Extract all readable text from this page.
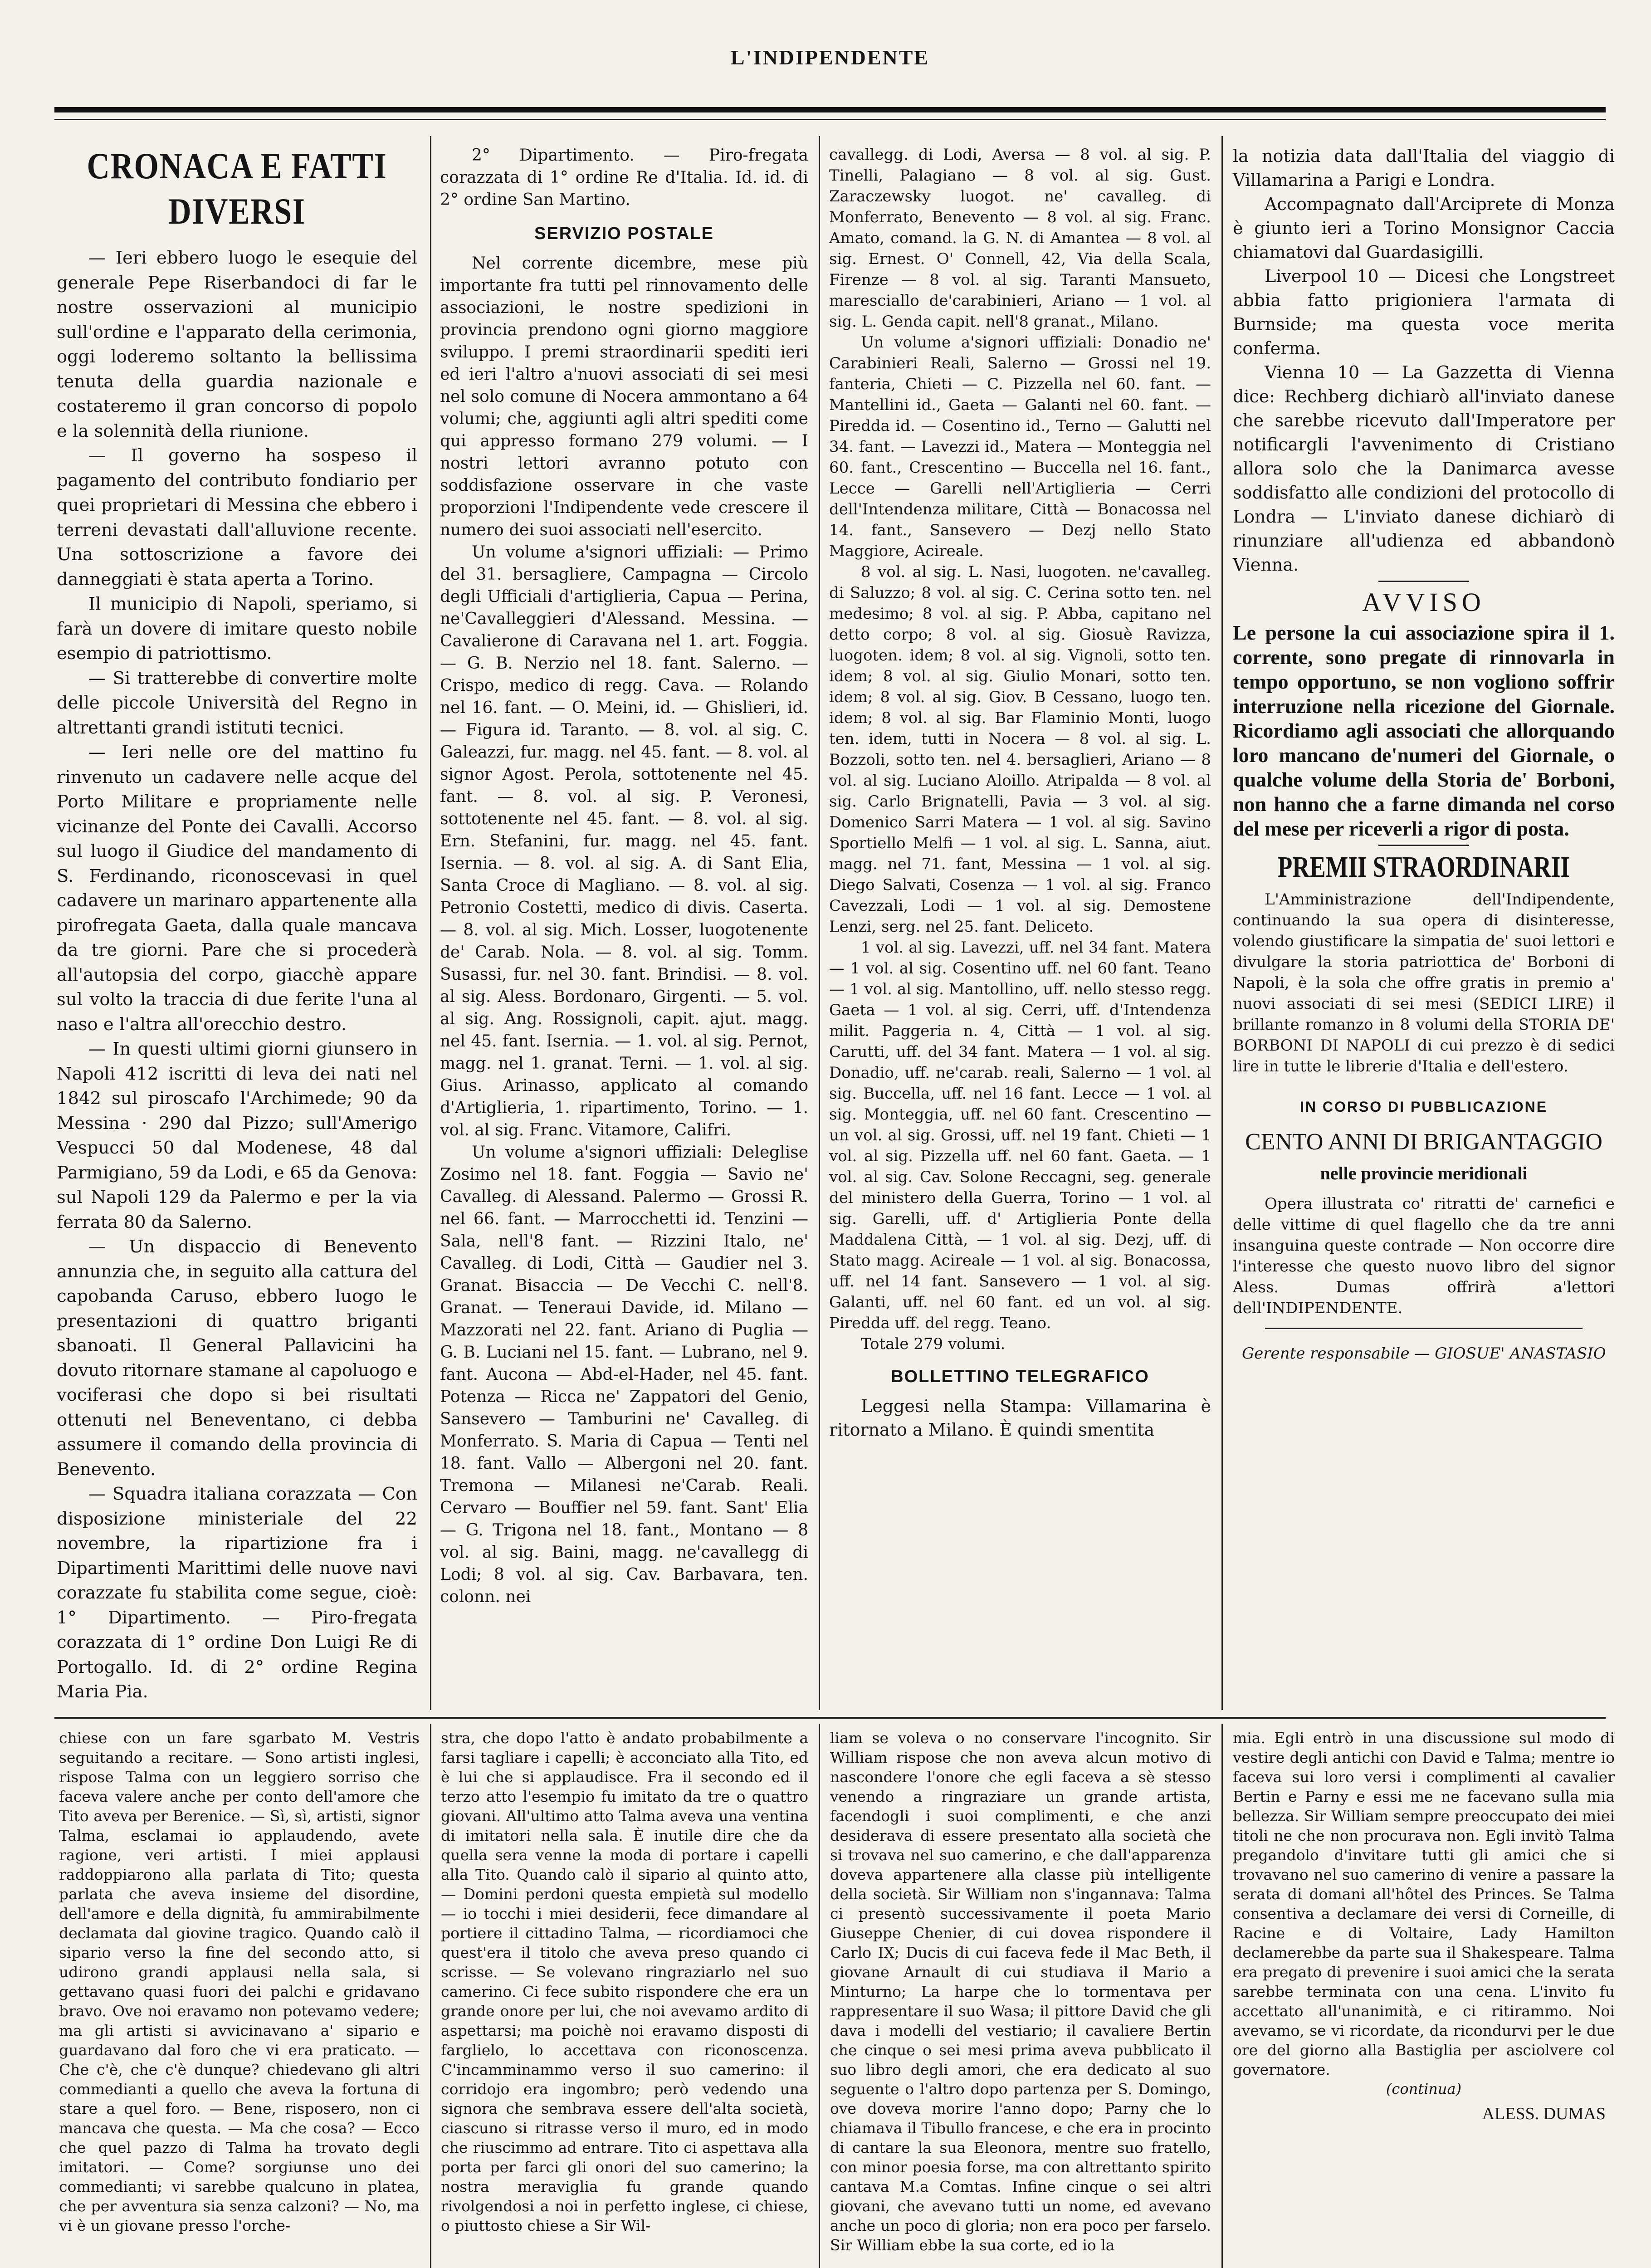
L'INDIPENDENTE
CRONACA E FATTI DIVERSI

— Ieri ebbero luogo le esequie del generale Pepe Riserbandoci di far le nostre osservazioni al municipio sull'ordine e l'apparato della cerimonia, oggi loderemo soltanto la bellissima tenuta della guardia nazionale e costateremo il gran concorso di popolo e la solennità della riunione.

— Il governo ha sospeso il pagamento del contributo fondiario per quei proprietari di Messina che ebbero i terreni devastati dall'alluvione recente. Una sottoscrizione a favore dei danneggiati è stata aperta a Torino.

Il municipio di Napoli, speriamo, si farà un dovere di imitare questo nobile esempio di patriottismo.

— Si tratterebbe di convertire molte delle piccole Università del Regno in altrettanti grandi istituti tecnici.

— Ieri nelle ore del mattino fu rinvenuto un cadavere nelle acque del Porto Militare e propriamente nelle vicinanze del Ponte dei Cavalli. Accorso sul luogo il Giudice del mandamento di S. Ferdinando, riconoscevasi in quel cadavere un marinaro appartenente alla pirofregata Gaeta, dalla quale mancava da tre giorni. Pare che si procederà all'autopsia del corpo, giacchè appare sul volto la traccia di due ferite l'una al naso e l'altra all'orecchio destro.

— In questi ultimi giorni giunsero in Napoli 412 iscritti di leva dei nati nel 1842 sul piroscafo l'Archimede; 90 da Messina · 290 dal Pizzo; sull'Amerigo Vespucci 50 dal Modenese, 48 dal Parmigiano, 59 da Lodi, e 65 da Genova: sul Napoli 129 da Palermo e per la via ferrata 80 da Salerno.

— Un dispaccio di Benevento annunzia che, in seguito alla cattura del capobanda Caruso, ebbero luogo le presentazioni di quattro briganti sbanoati. Il General Pallavicini ha dovuto ritornare stamane al capoluogo e vociferasi che dopo si bei risultati ottenuti nel Beneventano, ci debba assumere il comando della provincia di Benevento.

— Squadra italiana corazzata — Con disposizione ministeriale del 22 novembre, la ripartizione fra i Dipartimenti Marittimi delle nuove navi corazzate fu stabilita come segue, cioè: 1° Dipartimento. — Piro-fregata corazzata di 1° ordine Don Luigi Re di Portogallo. Id. di 2° ordine Regina Maria Pia.

2° Dipartimento. — Piro-fregata corazzata di 1° ordine Re d'Italia. Id. id. di 2° ordine San Martino.

SERVIZIO POSTALE

Nel corrente dicembre, mese più importante fra tutti pel rinnovamento delle associazioni, le nostre spedizioni in provincia prendono ogni giorno maggiore sviluppo. I premi straordinarii spediti ieri ed ieri l'altro a'nuovi associati di sei mesi nel solo comune di Nocera ammontano a 64 volumi; che, aggiunti agli altri spediti come qui appresso formano 279 volumi. — I nostri lettori avranno potuto con soddisfazione osservare in che vaste proporzioni l'Indipendente vede crescere il numero dei suoi associati nell'esercito.

Un volume a'signori uffiziali: — Primo del 31. bersagliere, Campagna — Circolo degli Ufficiali d'artiglieria, Capua — Perina, ne'Cavalleggieri d'Alessand. Messina. — Cavalierone di Caravana nel 1. art. Foggia. — G. B. Nerzio nel 18. fant. Salerno. — Crispo, medico di regg. Cava. — Rolando nel 16. fant. — O. Meini, id. — Ghislieri, id. — Figura id. Taranto. — 8. vol. al sig. C. Galeazzi, fur. magg. nel 45. fant. — 8. vol. al signor Agost. Perola, sottotenente nel 45. fant. — 8. vol. al sig. P. Veronesi, sottotenente nel 45. fant. — 8. vol. al sig. Ern. Stefanini, fur. magg. nel 45. fant. Isernia. — 8. vol. al sig. A. di Sant Elia, Santa Croce di Magliano. — 8. vol. al sig. Petronio Costetti, medico di divis. Caserta. — 8. vol. al sig. Mich. Losser, luogotenente de' Carab. Nola. — 8. vol. al sig. Tomm. Susassi, fur. nel 30. fant. Brindisi. — 8. vol. al sig. Aless. Bordonaro, Girgenti. — 5. vol. al sig. Ang. Rossignoli, capit. ajut. magg. nel 45. fant. Isernia. — 1. vol. al sig. Pernot, magg. nel 1. granat. Terni. — 1. vol. al sig. Gius. Arinasso, applicato al comando d'Artiglieria, 1. ripartimento, Torino. — 1. vol. al sig. Franc. Vitamore, Califri.

Un volume a'signori uffiziali: Deleglise Zosimo nel 18. fant. Foggia — Savio ne' Cavalleg. di Alessand. Palermo — Grossi R. nel 66. fant. — Marrocchetti id. Tenzini — Sala, nell'8 fant. — Rizzini Italo, ne' Cavalleg. di Lodi, Città — Gaudier nel 3. Granat. Bisaccia — De Vecchi C. nell'8. Granat. — Teneraui Davide, id. Milano — Mazzorati nel 22. fant. Ariano di Puglia — G. B. Luciani nel 15. fant. — Lubrano, nel 9. fant. Aucona — Abd-el-Hader, nel 45. fant. Potenza — Ricca ne' Zappatori del Genio, Sansevero — Tamburini ne' Cavalleg. di Monferrato. S. Maria di Capua — Tenti nel 18. fant. Vallo — Albergoni nel 20. fant. Tremona — Milanesi ne'Carab. Reali. Cervaro — Bouffier nel 59. fant. Sant' Elia — G. Trigona nel 18. fant., Montano — 8 vol. al sig. Baini, magg. ne'cavallegg di Lodi; 8 vol. al sig. Cav. Barbavara, ten. colonn. nei

cavallegg. di Lodi, Aversa — 8 vol. al sig. P. Tinelli, Palagiano — 8 vol. al sig. Gust. Zaraczewsky luogot. ne' cavalleg. di Monferrato, Benevento — 8 vol. al sig. Franc. Amato, comand. la G. N. di Amantea — 8 vol. al sig. Ernest. O' Connell, 42, Via della Scala, Firenze — 8 vol. al sig. Taranti Mansueto, maresciallo de'carabinieri, Ariano — 1 vol. al sig. L. Genda capit. nell'8 granat., Milano.

Un volume a'signori uffiziali: Donadio ne' Carabinieri Reali, Salerno — Grossi nel 19. fanteria, Chieti — C. Pizzella nel 60. fant. — Mantellini id., Gaeta — Galanti nel 60. fant. — Piredda id. — Cosentino id., Terno — Galutti nel 34. fant. — Lavezzi id., Matera — Monteggia nel 60. fant., Crescentino — Buccella nel 16. fant., Lecce — Garelli nell'Artiglieria — Cerri dell'Intendenza militare, Città — Bonacossa nel 14. fant., Sansevero — Dezj nello Stato Maggiore, Acireale.

8 vol. al sig. L. Nasi, luogoten. ne'cavalleg. di Saluzzo; 8 vol. al sig. C. Cerina sotto ten. nel medesimo; 8 vol. al sig. P. Abba, capitano nel detto corpo; 8 vol. al sig. Giosuè Ravizza, luogoten. idem; 8 vol. al sig. Vignoli, sotto ten. idem; 8 vol. al sig. Giulio Monari, sotto ten. idem; 8 vol. al sig. Giov. B Cessano, luogo ten. idem; 8 vol. al sig. Bar Flaminio Monti, luogo ten. idem, tutti in Nocera — 8 vol. al sig. L. Bozzoli, sotto ten. nel 4. bersaglieri, Ariano — 8 vol. al sig. Luciano Aloillo. Atripalda — 8 vol. al sig. Carlo Brignatelli, Pavia — 3 vol. al sig. Domenico Sarri Matera — 1 vol. al sig. Savino Sportiello Melfi — 1 vol. al sig. L. Sanna, aiut. magg. nel 71. fant, Messina — 1 vol. al sig. Diego Salvati, Cosenza — 1 vol. al sig. Franco Cavezzali, Lodi — 1 vol. al sig. Demostene Lenzi, serg. nel 25. fant. Deliceto.

1 vol. al sig. Lavezzi, uff. nel 34 fant. Matera — 1 vol. al sig. Cosentino uff. nel 60 fant. Teano — 1 vol. al sig. Mantollino, uff. nello stesso regg. Gaeta — 1 vol. al sig. Cerri, uff. d'Intendenza milit. Paggeria n. 4, Città — 1 vol. al sig. Carutti, uff. del 34 fant. Matera — 1 vol. al sig. Donadio, uff. ne'carab. reali, Salerno — 1 vol. al sig. Buccella, uff. nel 16 fant. Lecce — 1 vol. al sig. Monteggia, uff. nel 60 fant. Crescentino — un vol. al sig. Grossi, uff. nel 19 fant. Chieti — 1 vol. al sig. Pizzella uff. nel 60 fant. Gaeta. — 1 vol. al sig. Cav. Solone Reccagni, seg. generale del ministero della Guerra, Torino — 1 vol. al sig. Garelli, uff. d' Artiglieria Ponte della Maddalena Città, — 1 vol. al sig. Dezj, uff. di Stato magg. Acireale — 1 vol. al sig. Bonacossa, uff. nel 14 fant. Sansevero — 1 vol. al sig. Galanti, uff. nel 60 fant. ed un vol. al sig. Piredda uff. del regg. Teano.

Totale 279 volumi.

BOLLETTINO TELEGRAFICO

Leggesi nella Stampa: Villamarina è ritornato a Milano. È quindi smentita

la notizia data dall'Italia del viaggio di Villamarina a Parigi e Londra.

Accompagnato dall'Arciprete di Monza è giunto ieri a Torino Monsignor Caccia chiamatovi dal Guardasigilli.

Liverpool 10 — Dicesi che Longstreet abbia fatto prigioniera l'armata di Burnside; ma questa voce merita conferma.

Vienna 10 — La Gazzetta di Vienna dice: Rechberg dichiarò all'inviato danese che sarebbe ricevuto dall'Imperatore per notificargli l'avvenimento di Cristiano allora solo che la Danimarca avesse soddisfatto alle condizioni del protocollo di Londra — L'inviato danese dichiarò di rinunziare all'udienza ed abbandonò Vienna.

AVVISO
Le persone la cui associazione spira il 1. corrente, sono pregate di rinnovarla in tempo opportuno, se non vogliono soffrir interruzione nella ricezione del Giornale. Ricordiamo agli associati che allorquando loro mancano de'numeri del Giornale, o qualche volume della Storia de' Borboni, non hanno che a farne dimanda nel corso del mese per riceverli a rigor di posta.
PREMII STRAORDINARII

L'Amministrazione dell'Indipendente, continuando la sua opera di disinteresse, volendo giustificare la simpatia de' suoi lettori e divulgare la storia patriottica de' Borboni di Napoli, è la sola che offre gratis in premio a' nuovi associati di sei mesi (SEDICI LIRE) il brillante romanzo in 8 volumi della STORIA DE' BORBONI DI NAPOLI di cui prezzo è di sedici lire in tutte le librerie d'Italia e dell'estero.

IN CORSO DI PUBBLICAZIONE
CENTO ANNI DI BRIGANTAGGIO
nelle provincie meridionali

Opera illustrata co' ritratti de' carnefici e delle vittime di quel flagello che da tre anni insanguina queste contrade — Non occorre dire l'interesse che questo nuovo libro del signor Aless. Dumas offrirà a'lettori dell'INDIPENDENTE.

Gerente responsabile — GIOSUE' ANASTASIO

chiese con un fare sgarbato M. Vestris seguitando a recitare. — Sono artisti inglesi, rispose Talma con un leggiero sorriso che faceva valere anche per conto dell'amore che Tito aveva per Berenice. — Sì, sì, artisti, signor Talma, esclamai io applaudendo, avete ragione, veri artisti. I miei applausi raddoppiarono alla parlata di Tito; questa parlata che aveva insieme del disordine, dell'amore e della dignità, fu ammirabilmente declamata dal giovine tragico. Quando calò il sipario verso la fine del secondo atto, si udirono grandi applausi nella sala, si gettavano quasi fuori dei palchi e gridavano bravo. Ove noi eravamo non potevamo vedere; ma gli artisti si avvicinavano a' sipario e guardavano dal foro che vi era praticato. — Che c'è, che c'è dunque? chiedevano gli altri commedianti a quello che aveva la fortuna di stare a quel foro. — Bene, risposero, non ci mancava che questa. — Ma che cosa? — Ecco che quel pazzo di Talma ha trovato degli imitatori. — Come? sorgiunse uno dei commedianti; vi sarebbe qualcuno in platea, che per avventura sia senza calzoni? — No, ma vi è un giovane presso l'orche-

stra, che dopo l'atto è andato probabilmente a farsi tagliare i capelli; è acconciato alla Tito, ed è lui che si applaudisce. Fra il secondo ed il terzo atto l'esempio fu imitato da tre o quattro giovani. All'ultimo atto Talma aveva una ventina di imitatori nella sala. È inutile dire che da quella sera venne la moda di portare i capelli alla Tito. Quando calò il sipario al quinto atto, — Domini perdoni questa empietà sul modello — io tocchi i miei desiderii, fece dimandare al portiere il cittadino Talma, — ricordiamoci che quest'era il titolo che aveva preso quando ci scrisse. — Se volevano ringraziarlo nel suo camerino. Ci fece subito rispondere che era un grande onore per lui, che noi avevamo ardito di aspettarsi; ma poichè noi eravamo disposti di farglielo, lo accettava con riconoscenza. C'incamminammo verso il suo camerino: il corridojo era ingombro; però vedendo una signora che sembrava essere dell'alta società, ciascuno si ritrasse verso il muro, ed in modo che riuscimmo ad entrare. Tito ci aspettava alla porta per farci gli onori del suo camerino; la nostra meraviglia fu grande quando rivolgendosi a noi in perfetto inglese, ci chiese, o piuttosto chiese a Sir Wil-

liam se voleva o no conservare l'incognito. Sir William rispose che non aveva alcun motivo di nascondere l'onore che egli faceva a sè stesso venendo a ringraziare un grande artista, facendogli i suoi complimenti, e che anzi desiderava di essere presentato alla società che si trovava nel suo camerino, e che dall'apparenza doveva appartenere alla classe più intelligente della società. Sir William non s'ingannava: Talma ci presentò successivamente il poeta Mario Giuseppe Chenier, di cui dovea rispondere il Carlo IX; Ducis di cui faceva fede il Mac Beth, il giovane Arnault di cui studiava il Mario a Minturno; La harpe che lo tormentava per rappresentare il suo Wasa; il pittore David che gli dava i modelli del vestiario; il cavaliere Bertin che cinque o sei mesi prima aveva pubblicato il suo libro degli amori, che era dedicato al suo seguente o l'altro dopo partenza per S. Domingo, ove doveva morire l'anno dopo; Parny che lo chiamava il Tibullo francese, e che era in procinto di cantare la sua Eleonora, mentre suo fratello, con minor poesia forse, ma con altrettanto spirito cantava M.a Comtas. Infine cinque o sei altri giovani, che avevano tutti un nome, ed avevano anche un poco di gloria; non era poco per farselo. Sir William ebbe la sua corte, ed io la

mia. Egli entrò in una discussione sul modo di vestire degli antichi con David e Talma; mentre io faceva sui loro versi i complimenti al cavalier Bertin e Parny e essi me ne facevano sulla mia bellezza. Sir William sempre preoccupato dei miei titoli ne che non procurava non. Egli invitò Talma pregandolo d'invitare tutti gli amici che si trovavano nel suo camerino di venire a passare la serata di domani all'hôtel des Princes. Se Talma consentiva a declamare dei versi di Corneille, di Racine e di Voltaire, Lady Hamilton declamerebbe da parte sua il Shakespeare. Talma era pregato di prevenire i suoi amici che la serata sarebbe terminata con una cena. L'invito fu accettato all'unanimità, e ci ritirammo. Noi avevamo, se vi ricordate, da ricondurvi per le due ore del giorno alla Bastiglia per asciolvere col governatore.

(continua)
ALESS. DUMAS
